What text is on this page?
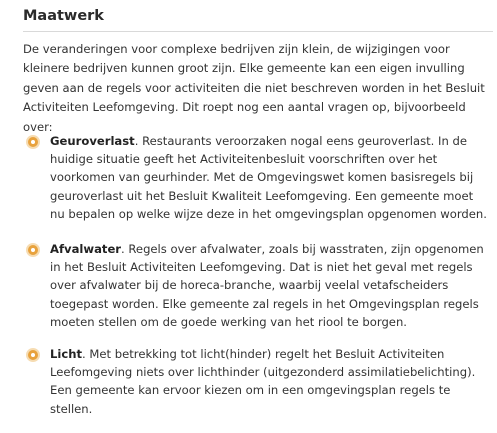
Maatwerk

De veranderingen voor complexe bedrijven zijn klein, de wijzigingen voor kleinere bedrijven kunnen groot zijn. Elke gemeente kan een eigen invulling geven aan de regels voor activiteiten die niet beschreven worden in het Besluit Activiteiten Leefomgeving. Dit roept nog een aantal vragen op, bijvoorbeeld over:

Geuroverlast. Restaurants veroorzaken nogal eens geuroverlast. In de huidige situatie geeft het Activiteitenbesluit voorschriften over het voorkomen van geurhinder. Met de Omgevingswet komen basisregels bij geuroverlast uit het Besluit Kwaliteit Leefomgeving. Een gemeente moet nu bepalen op welke wijze deze in het omgevingsplan opgenomen worden.
Afvalwater. Regels over afvalwater, zoals bij wasstraten, zijn opgenomen in het Besluit Activiteiten Leefomgeving. Dat is niet het geval met regels over afvalwater bij de horeca-branche, waarbij veelal vetafscheiders toegepast worden. Elke gemeente zal regels in het Omgevingsplan regels moeten stellen om de goede werking van het riool te borgen.
Licht. Met betrekking tot licht(hinder) regelt het Besluit Activiteiten Leefomgeving niets over lichthinder (uitgezonderd assimilatiebelichting). Een gemeente kan ervoor kiezen om in een omgevingsplan regels te stellen.
